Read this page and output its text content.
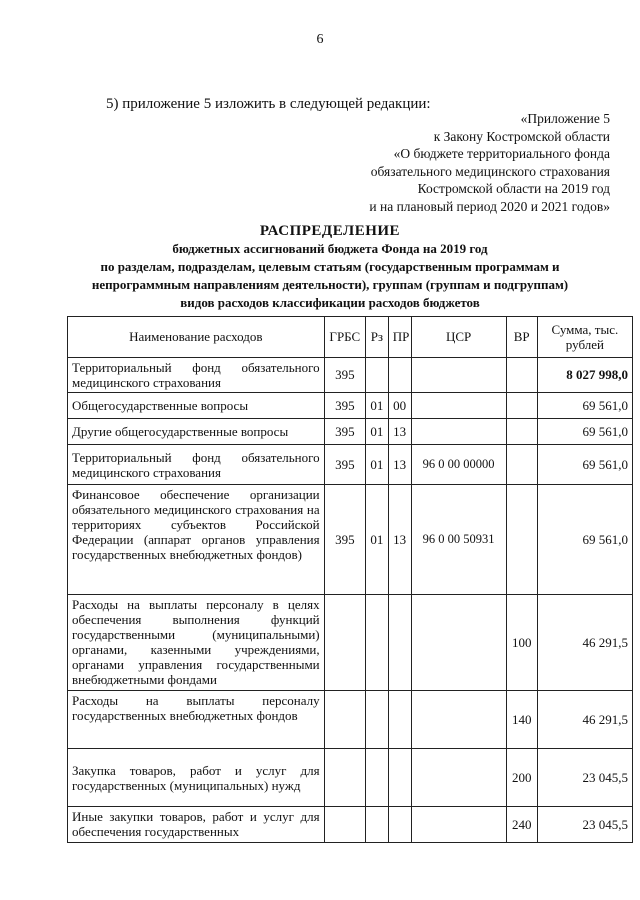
6
5) приложение 5 изложить в следующей редакции:
«Приложение 5
к Закону Костромской области
«О бюджете территориального фонда
обязательного медицинского страхования
Костромской области на 2019 год
и на плановый период 2020 и 2021 годов»
РАСПРЕДЕЛЕНИЕ
бюджетных ассигнований бюджета Фонда на 2019 год
по разделам, подразделам, целевым статьям (государственным программам и
непрограммным направлениям деятельности), группам (группам и подгруппам)
видов расходов классификации расходов бюджетов
Наименование расходов	ГРБС	Рз	ПР	ЦСР	ВР	Сумма, тыс. рублей
Территориальный фонд обязательного медицинского страхования	395					8 027 998,0
Общегосударственные вопросы	395	01	00			69 561,0
Другие общегосударственные вопросы	395	01	13			69 561,0
Территориальный фонд обязательного медицинского страхования	395	01	13	96 0 00 00000		69 561,0
Финансовое обеспечение организации обязательного медицинского страхования на территориях субъектов Российской Федерации (аппарат органов управления государственных внебюджетных фондов)	395	01	13	96 0 00 50931		69 561,0
Расходы на выплаты персоналу в целях обеспечения выполнения функций государственными (муниципальными) органами, казенными учреждениями, органами управления государственными внебюджетными фондами					100	46 291,5
Расходы на выплаты персоналу государственных внебюджетных фондов					140	46 291,5
Закупка товаров, работ и услуг для государственных (муниципальных) нужд					200	23 045,5
Иные закупки товаров, работ и услуг для обеспечения государственных					240	23 045,5
